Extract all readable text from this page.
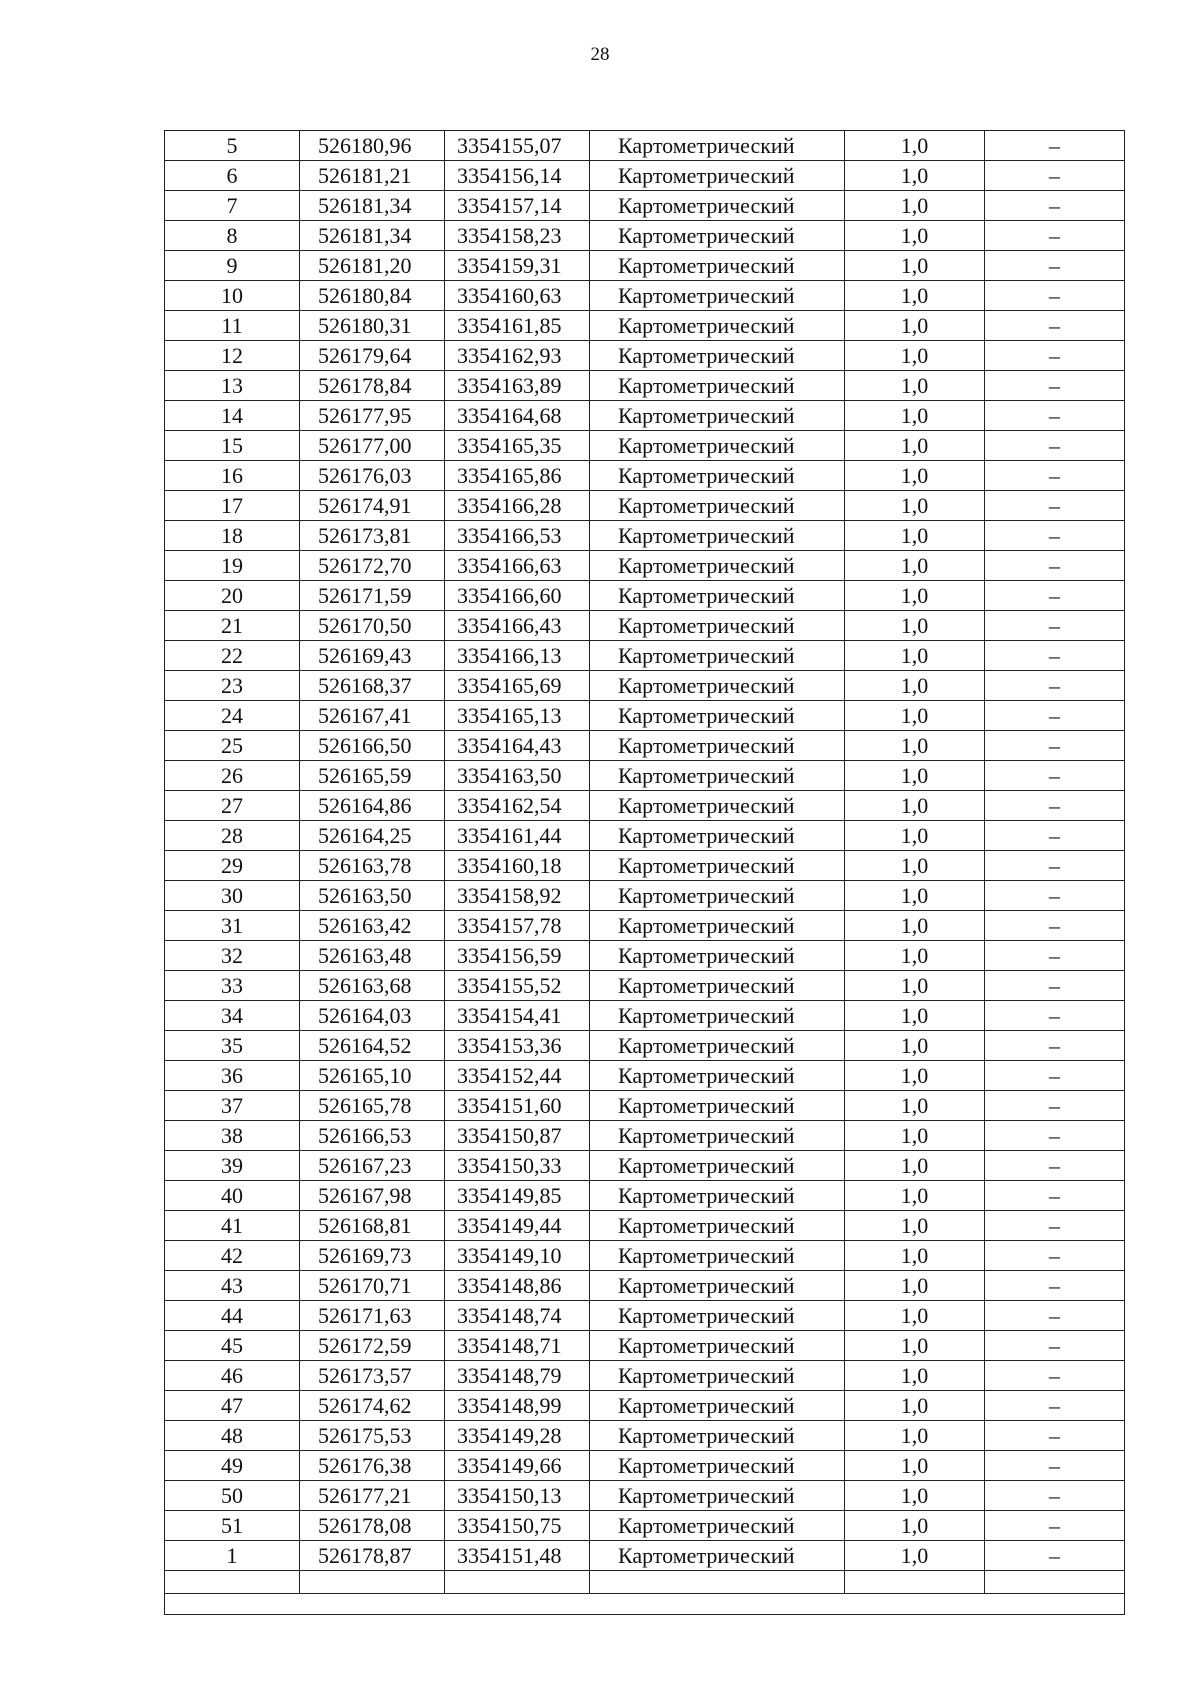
28
5	526180,96	3354155,07	Картометрический	1,0	–
6	526181,21	3354156,14	Картометрический	1,0	–
7	526181,34	3354157,14	Картометрический	1,0	–
8	526181,34	3354158,23	Картометрический	1,0	–
9	526181,20	3354159,31	Картометрический	1,0	–
10	526180,84	3354160,63	Картометрический	1,0	–
11	526180,31	3354161,85	Картометрический	1,0	–
12	526179,64	3354162,93	Картометрический	1,0	–
13	526178,84	3354163,89	Картометрический	1,0	–
14	526177,95	3354164,68	Картометрический	1,0	–
15	526177,00	3354165,35	Картометрический	1,0	–
16	526176,03	3354165,86	Картометрический	1,0	–
17	526174,91	3354166,28	Картометрический	1,0	–
18	526173,81	3354166,53	Картометрический	1,0	–
19	526172,70	3354166,63	Картометрический	1,0	–
20	526171,59	3354166,60	Картометрический	1,0	–
21	526170,50	3354166,43	Картометрический	1,0	–
22	526169,43	3354166,13	Картометрический	1,0	–
23	526168,37	3354165,69	Картометрический	1,0	–
24	526167,41	3354165,13	Картометрический	1,0	–
25	526166,50	3354164,43	Картометрический	1,0	–
26	526165,59	3354163,50	Картометрический	1,0	–
27	526164,86	3354162,54	Картометрический	1,0	–
28	526164,25	3354161,44	Картометрический	1,0	–
29	526163,78	3354160,18	Картометрический	1,0	–
30	526163,50	3354158,92	Картометрический	1,0	–
31	526163,42	3354157,78	Картометрический	1,0	–
32	526163,48	3354156,59	Картометрический	1,0	–
33	526163,68	3354155,52	Картометрический	1,0	–
34	526164,03	3354154,41	Картометрический	1,0	–
35	526164,52	3354153,36	Картометрический	1,0	–
36	526165,10	3354152,44	Картометрический	1,0	–
37	526165,78	3354151,60	Картометрический	1,0	–
38	526166,53	3354150,87	Картометрический	1,0	–
39	526167,23	3354150,33	Картометрический	1,0	–
40	526167,98	3354149,85	Картометрический	1,0	–
41	526168,81	3354149,44	Картометрический	1,0	–
42	526169,73	3354149,10	Картометрический	1,0	–
43	526170,71	3354148,86	Картометрический	1,0	–
44	526171,63	3354148,74	Картометрический	1,0	–
45	526172,59	3354148,71	Картометрический	1,0	–
46	526173,57	3354148,79	Картометрический	1,0	–
47	526174,62	3354148,99	Картометрический	1,0	–
48	526175,53	3354149,28	Картометрический	1,0	–
49	526176,38	3354149,66	Картометрический	1,0	–
50	526177,21	3354150,13	Картометрический	1,0	–
51	526178,08	3354150,75	Картометрический	1,0	–
1	526178,87	3354151,48	Картометрический	1,0	–
